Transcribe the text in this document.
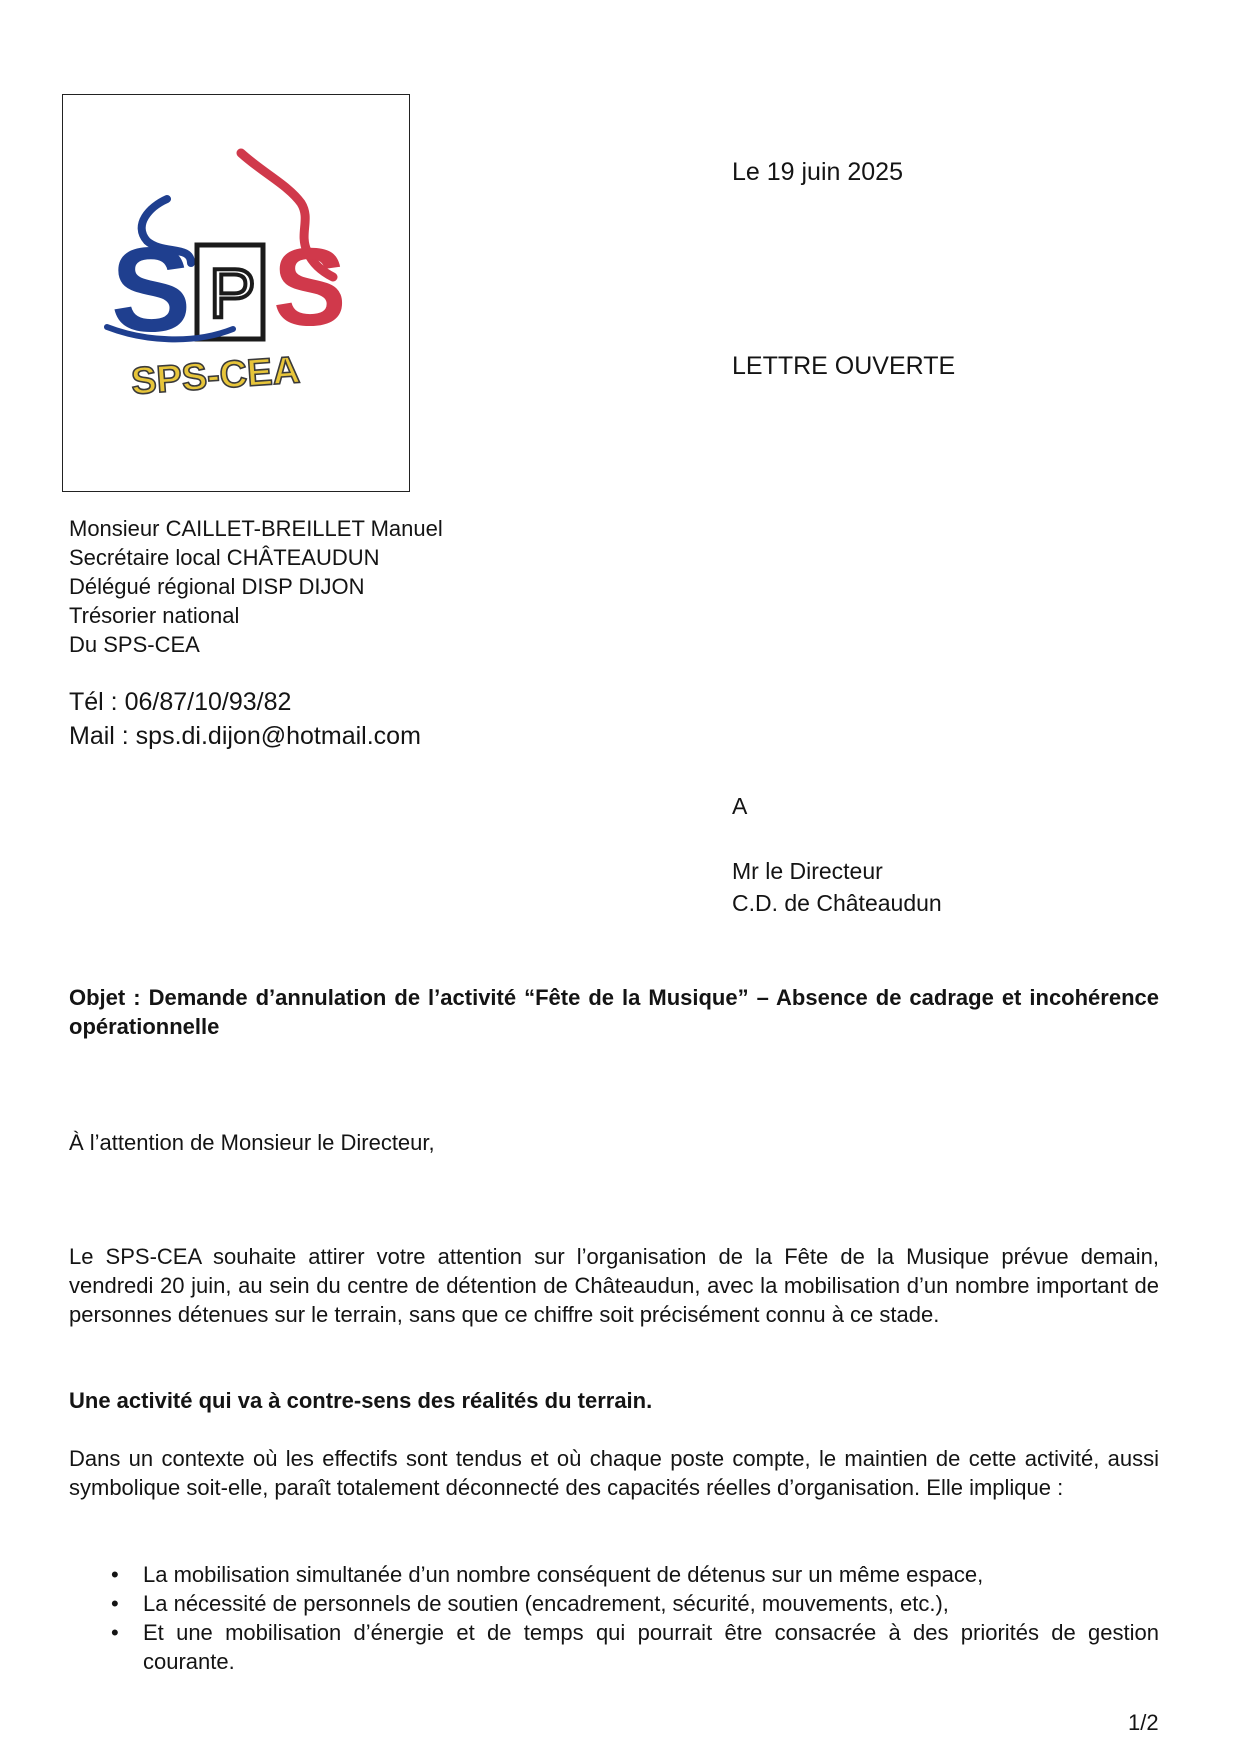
S P S
SPS-CEA
Le 19 juin 2025
LETTRE OUVERTE
Monsieur CAILLET-BREILLET Manuel
Secrétaire local CHÂTEAUDUN
Délégué régional DISP DIJON
Trésorier national
Du SPS-CEA
Tél : 06/87/10/93/82
Mail : sps.di.dijon@hotmail.com
A
Mr le Directeur
C.D. de Châteaudun
Objet : Demande d’annulation de l’activité “Fête de la Musique” – Absence de cadrage et incohérence opérationnelle
À l’attention de Monsieur le Directeur,
Le SPS-CEA souhaite attirer votre attention sur l’organisation de la Fête de la Musique prévue demain, vendredi 20 juin, au sein du centre de détention de Châteaudun, avec la mobilisation d’un nombre important de personnes détenues sur le terrain, sans que ce chiffre soit précisément connu à ce stade.
Une activité qui va à contre-sens des réalités du terrain.
Dans un contexte où les effectifs sont tendus et où chaque poste compte, le maintien de cette activité, aussi symbolique soit-elle, paraît totalement déconnecté des capacités réelles d’organisation. Elle implique :
• La mobilisation simultanée d’un nombre conséquent de détenus sur un même espace,
• La nécessité de personnels de soutien (encadrement, sécurité, mouvements, etc.),
• Et une mobilisation d’énergie et de temps qui pourrait être consacrée à des priorités de gestion courante.
1/2
